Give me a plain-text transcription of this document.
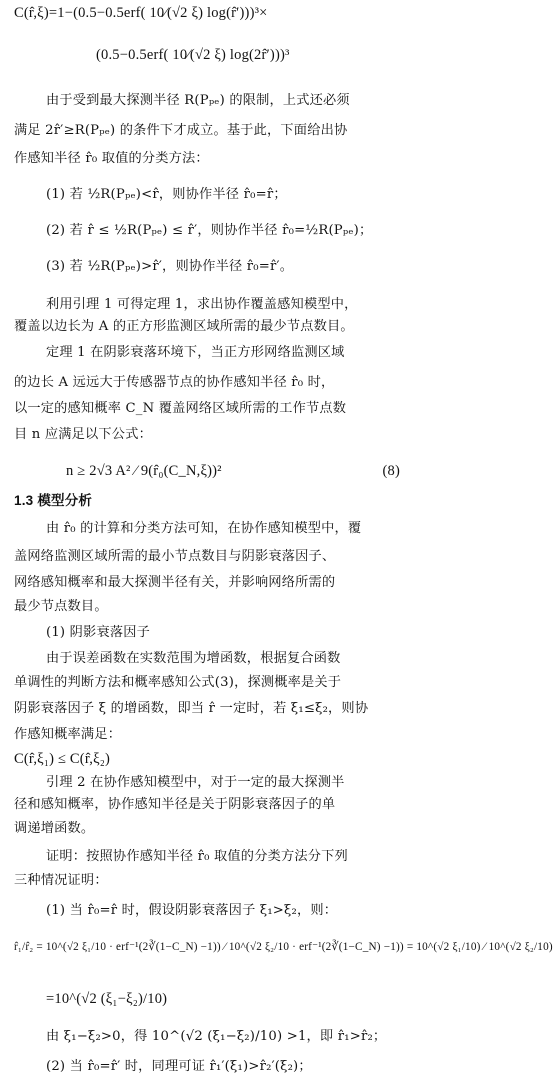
C(r̂,ξ)=1−(0.5−0.5erf( 10⁄(√2 ξ) log(r̂′)))³×
(0.5−0.5erf( 10⁄(√2 ξ) log(2r̂′)))³
由于受到最大探测半径 R(Pₚₑ) 的限制，上式还必须
满足 2r̂′≥R(Pₚₑ) 的条件下才成立。基于此，下面给出协
作感知半径 r̂₀ 取值的分类方法：
(1) 若 ½R(Pₚₑ)<r̂，则协作半径 r̂₀=r̂；
(2) 若 r̂ ≤ ½R(Pₚₑ) ≤ r̂′，则协作半径 r̂₀=½R(Pₚₑ)；
(3) 若 ½R(Pₚₑ)>r̂′，则协作半径 r̂₀=r̂′。
利用引理 1 可得定理 1，求出协作覆盖感知模型中，
覆盖以边长为 A 的正方形监测区域所需的最少节点数目。
定理 1 在阴影衰落环境下，当正方形网络监测区域
的边长 A 远远大于传感器节点的协作感知半径 r̂₀ 时，
以一定的感知概率 C_N 覆盖网络区域所需的工作节点数
目 n 应满足以下公式：
n ≥ 2√3 A² ⁄ 9(r̂₀(C_N,ξ))²	(8)
1.3 模型分析
由 r̂₀ 的计算和分类方法可知，在协作感知模型中，覆
盖网络监测区域所需的最小节点数目与阴影衰落因子、
网络感知概率和最大探测半径有关，并影响网络所需的
最少节点数目。
(1) 阴影衰落因子
由于误差函数在实数范围为增函数，根据复合函数
单调性的判断方法和概率感知公式(3)，探测概率是关于
阴影衰落因子 ξ 的增函数，即当 r̂ 一定时，若 ξ₁≤ξ₂，则协
作感知概率满足：
C(r̂,ξ₁) ≤ C(r̂,ξ₂)
引理 2 在协作感知模型中，对于一定的最大探测半
径和感知概率，协作感知半径是关于阴影衰落因子的单
调递增函数。
证明：按照协作感知半径 r̂₀ 取值的分类方法分下列
三种情况证明：
(1) 当 r̂₀=r̂ 时，假设阴影衰落因子 ξ₁>ξ₂，则：
r̂₁/r̂₂ = 10^(√2 ξ₁/10 · erf⁻¹(2∛(1−C_N) −1)) ⁄ 10^(√2 ξ₂/10 · erf⁻¹(2∛(1−C_N) −1)) = 10^(√2 ξ₁/10) ⁄ 10^(√2 ξ₂/10)
=10^(√2 (ξ₁−ξ₂)/10)
由 ξ₁−ξ₂>0，得 10^(√2 (ξ₁−ξ₂)/10) >1，即 r̂₁>r̂₂；
(2) 当 r̂₀=r̂′ 时，同理可证 r̂₁′(ξ₁)>r̂₂′(ξ₂)；
